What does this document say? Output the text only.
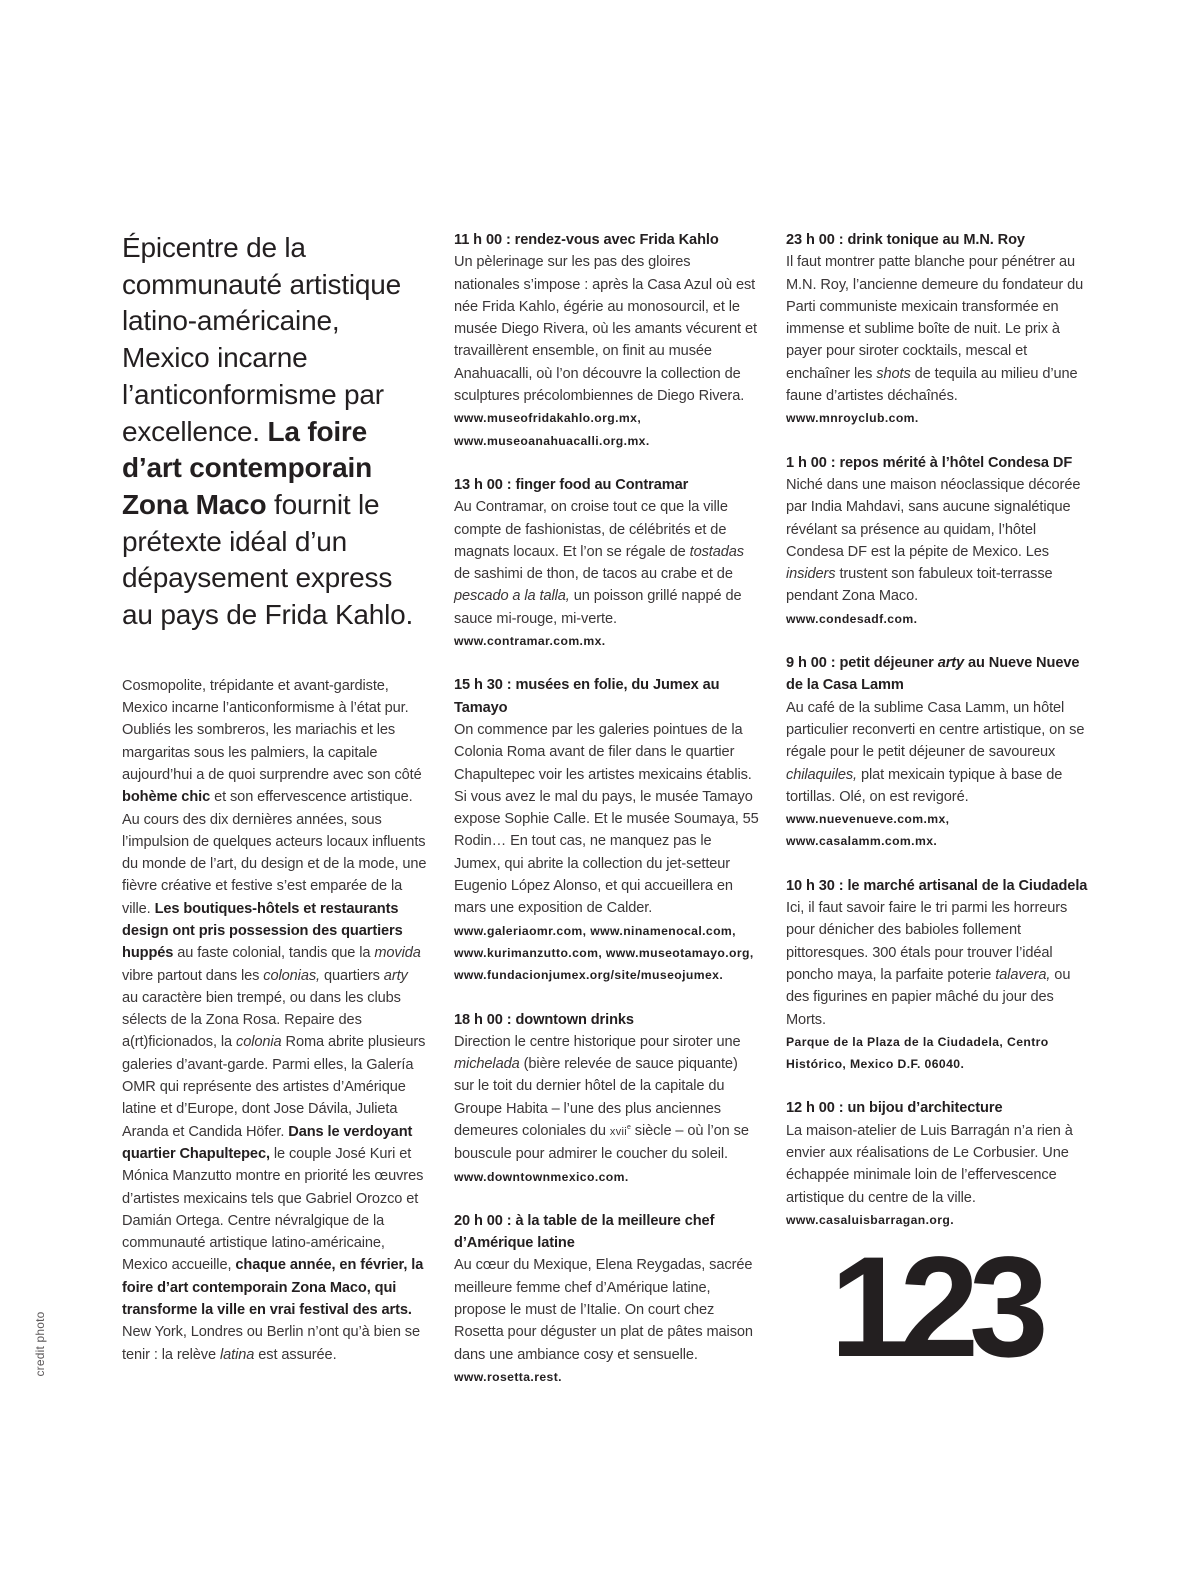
Épicentre de la communauté artistique latino-américaine, Mexico incarne l’anticonformisme par excellence. La foire d’art contemporain Zona Maco fournit le prétexte idéal d’un dépaysement express au pays de Frida Kahlo.

Cosmopolite, trépidante et avant-gardiste, Mexico incarne l’anticonformisme à l’état pur. Oubliés les sombreros, les mariachis et les margaritas sous les palmiers, la capitale aujourd’hui a de quoi surprendre avec son côté bohème chic et son effervescence artistique. Au cours des dix dernières années, sous l’impulsion de quelques acteurs locaux influents du monde de l’art, du design et de la mode, une fièvre créative et festive s’est emparée de la ville. Les boutiques-hôtels et restaurants design ont pris possession des quartiers huppés au faste colonial, tandis que la movida vibre partout dans les colonias, quartiers arty au caractère bien trempé, ou dans les clubs sélects de la Zona Rosa. Repaire des a(rt)ficionados, la colonia Roma abrite plusieurs galeries d’avant-garde. Parmi elles, la Galería OMR qui représente des artistes d’Amérique latine et d’Europe, dont Jose Dávila, Julieta Aranda et Candida Höfer. Dans le verdoyant quartier Chapultepec, le couple José Kuri et Mónica Manzutto montre en priorité les œuvres d’artistes mexicains tels que Gabriel Orozco et Damián Ortega. Centre névralgique de la communauté artistique latino-américaine, Mexico accueille, chaque année, en février, la foire d’art contemporain Zona Maco, qui transforme la ville en vrai festival des arts. New York, Londres ou Berlin n’ont qu’à bien se tenir : la relève latina est assurée.

11 h 00 : rendez-vous avec Frida Kahlo

Un pèlerinage sur les pas des gloires nationales s’impose : après la Casa Azul où est née Frida Kahlo, égérie au monosourcil, et le musée Diego Rivera, où les amants vécurent et travaillèrent ensemble, on finit au musée Anahuacalli, où l’on découvre la collection de sculptures précolombiennes de Diego Rivera.

www.museofridakahlo.org.mx, www.museoanahuacalli.org.mx.

13 h 00 : finger food au Contramar

Au Contramar, on croise tout ce que la ville compte de fashionistas, de célébrités et de magnats locaux. Et l’on se régale de tostadas de sashimi de thon, de tacos au crabe et de pescado a la talla, un poisson grillé nappé de sauce mi-rouge, mi-verte.

www.contramar.com.mx.

15 h 30 : musées en folie, du Jumex au Tamayo

On commence par les galeries pointues de la Colonia Roma avant de filer dans le quartier Chapultepec voir les artistes mexicains établis. Si vous avez le mal du pays, le musée Tamayo expose Sophie Calle. Et le musée Soumaya, 55 Rodin… En tout cas, ne manquez pas le Jumex, qui abrite la collection du jet-setteur Eugenio López Alonso, et qui accueillera en mars une exposition de Calder.

www.galeriaomr.com, www.ninamenocal.com, www.kurimanzutto.com, www.museotamayo.org, www.fundacionjumex.org/site/museojumex.

18 h 00 : downtown drinks

Direction le centre historique pour siroter une michelada (bière relevée de sauce piquante) sur le toit du dernier hôtel de la capitale du Groupe Habita – l’une des plus anciennes demeures coloniales du xvii$^e$ siècle – où l’on se bouscule pour admirer le coucher du soleil.

www.downtownmexico.com.

20 h 00 : à la table de la meilleure chef d’Amérique latine

Au cœur du Mexique, Elena Reygadas, sacrée meilleure femme chef d’Amérique latine, propose le must de l’Italie. On court chez Rosetta pour déguster un plat de pâtes maison dans une ambiance cosy et sensuelle.

www.rosetta.rest.

23 h 00 : drink tonique au M.N. Roy

Il faut montrer patte blanche pour pénétrer au M.N. Roy, l’ancienne demeure du fondateur du Parti communiste mexicain transformée en immense et sublime boîte de nuit. Le prix à payer pour siroter cocktails, mescal et enchaîner les shots de tequila au milieu d’une faune d’artistes déchaînés.

www.mnroyclub.com.

1 h 00 : repos mérité à l’hôtel Condesa DF

Niché dans une maison néoclassique décorée par India Mahdavi, sans aucune signalétique révélant sa présence au quidam, l’hôtel Condesa DF est la pépite de Mexico. Les insiders trustent son fabuleux toit-terrasse pendant Zona Maco.

www.condesadf.com.

9 h 00 : petit déjeuner arty au Nueve Nueve de la Casa Lamm

Au café de la sublime Casa Lamm, un hôtel particulier reconverti en centre artistique, on se régale pour le petit déjeuner de savoureux chilaquiles, plat mexicain typique à base de tortillas. Olé, on est revigoré.

www.nuevenueve.com.mx, www.casalamm.com.mx.

10 h 30 : le marché artisanal de la Ciudadela

Ici, il faut savoir faire le tri parmi les horreurs pour dénicher des babioles follement pittoresques. 300 étals pour trouver l’idéal poncho maya, la parfaite poterie talavera, ou des figurines en papier mâché du jour des Morts.

Parque de la Plaza de la Ciudadela, Centro Histórico, Mexico D.F. 06040.

12 h 00 : un bijou d’architecture

La maison-atelier de Luis Barragán n’a rien à envier aux réalisations de Le Corbusier. Une échappée minimale loin de l’effervescence artistique du centre de la ville.

www.casaluisbarragan.org.

credit photo	123
